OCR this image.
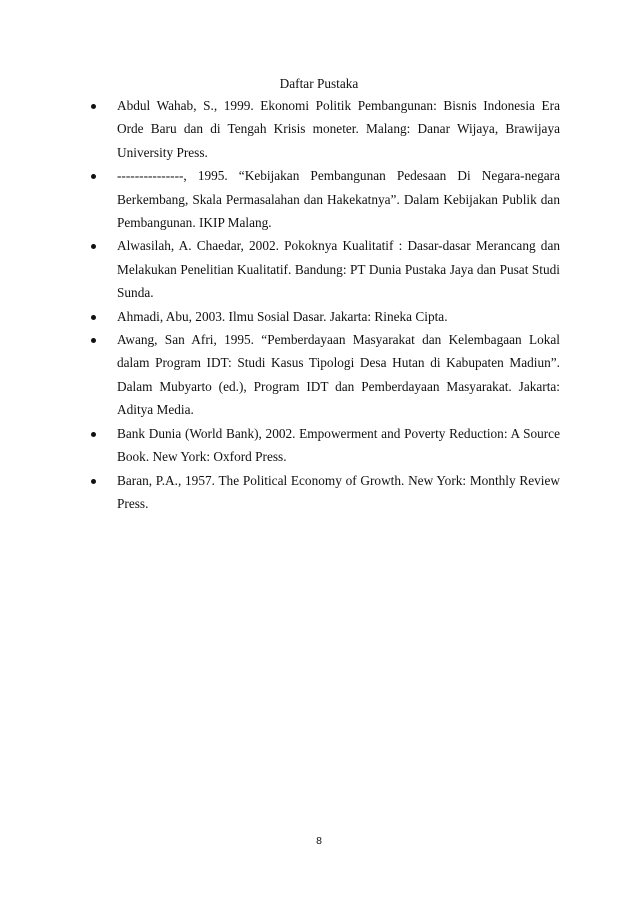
Daftar Pustaka
Abdul Wahab, S., 1999. Ekonomi Politik Pembangunan: Bisnis Indonesia Era Orde Baru dan di Tengah Krisis moneter. Malang: Danar Wijaya, Brawijaya University Press.
---------------, 1995. “Kebijakan Pembangunan Pedesaan Di Negara-negara Berkembang, Skala Permasalahan dan Hakekatnya”. Dalam Kebijakan Publik dan Pembangunan. IKIP Malang.
Alwasilah, A. Chaedar, 2002. Pokoknya Kualitatif : Dasar-dasar Merancang dan Melakukan Penelitian Kualitatif. Bandung: PT Dunia Pustaka Jaya dan Pusat Studi Sunda.
Ahmadi, Abu, 2003. Ilmu Sosial Dasar. Jakarta: Rineka Cipta.
Awang, San Afri, 1995. “Pemberdayaan Masyarakat dan Kelembagaan Lokal dalam Program IDT: Studi Kasus Tipologi Desa Hutan di Kabupaten Madiun”. Dalam Mubyarto (ed.), Program IDT dan Pemberdayaan Masyarakat. Jakarta: Aditya Media.
Bank Dunia (World Bank), 2002. Empowerment and Poverty Reduction: A Source Book. New York: Oxford Press.
Baran, P.A., 1957. The Political Economy of Growth. New York: Monthly Review Press.
8
